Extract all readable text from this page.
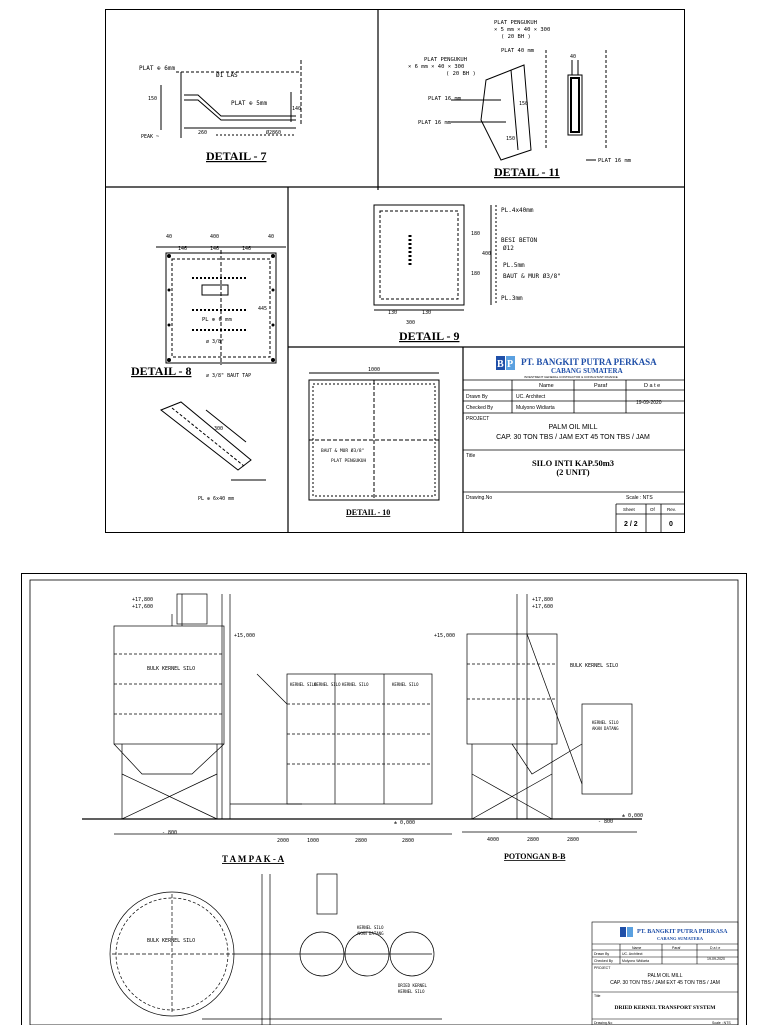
PLAT ⊕ 6mm
Ø1 LAS
PLAT ⊕ 5mm
150
PEAK ~
Ø2860
140
260
DETAIL - 7
PLAT PENGUKUH
× 5 mm × 40 × 300
( 20 BH )
PLAT 40 mm
PLAT PENGUKUH
× 6 mm × 40 × 300
( 20 BH )
PLAT 16 mm
PLAT 16 mm
150
150
PLAT 16 mm
40
DETAIL - 11
40	400	40
146	146	146
PL ⊕ 6 mm
ø 3/8"
⌀ 3/8" BAUT TAP
PL ⊕ 6x40 mm
300
445
DETAIL - 8
PL.4x40mm
BESI BETON
Ø12
PL.5mm
BAUT & MUR Ø3/8"
PL.3mm
130	130
300
180
180
400
DETAIL - 9
1000
BAUT & MUR Ø3/8"
PLAT PENGUKUH
DETAIL - 10
B P PT. BANGKIT PUTRA PERKASA
CABANG SUMATERA
INVESTMENT GENERAL CONTRACTOR & CONSULTANT FINANCE
Name	Paraf	D a t e
Drawn By	UC. Architect
Checked By	Mulyono Widiarta
19-09-2020
PROJECT
PALM OIL MILL
CAP. 30 TON TBS / JAM EXT 45 TON TBS / JAM
Title
SILO INTI KAP.50m3
(2 UNIT)
Drawing.No	Scale : NTS
Sheet	Of	Rev.
2 / 2	0
+17,800
+17,600
+15,000
± 0,000
- 800
BULK KERNEL SILO
KERNEL SILO
KERNEL SILO KERNEL SILO	KERNEL SILO
2000	1000	2800	2800
T A M P A K - A
+17,800
+17,600
+15,000
± 0,000
- 800
BULK KERNEL SILO
KERNEL SILO
AKAN DATANG
4000	2800	2800
POTONGAN B-B
BULK KERNEL SILO
KERNEL SILO
AKAN DATANG
DRIED KERNEL
KERNEL SILO
PT. BANGKIT PUTRA PERKASA
CABANG SUMATERA
Name	Paraf	D a t e
Drawn By	UC. Architect
Checked By	Mulyono Widiarta	19-09-2020
PROJECT
PALM OIL MILL
CAP. 30 TON TBS / JAM EXT 45 TON TBS / JAM
Title
DRIED KERNEL TRANSPORT SYSTEM
Drawing.No	Scale : NTS
